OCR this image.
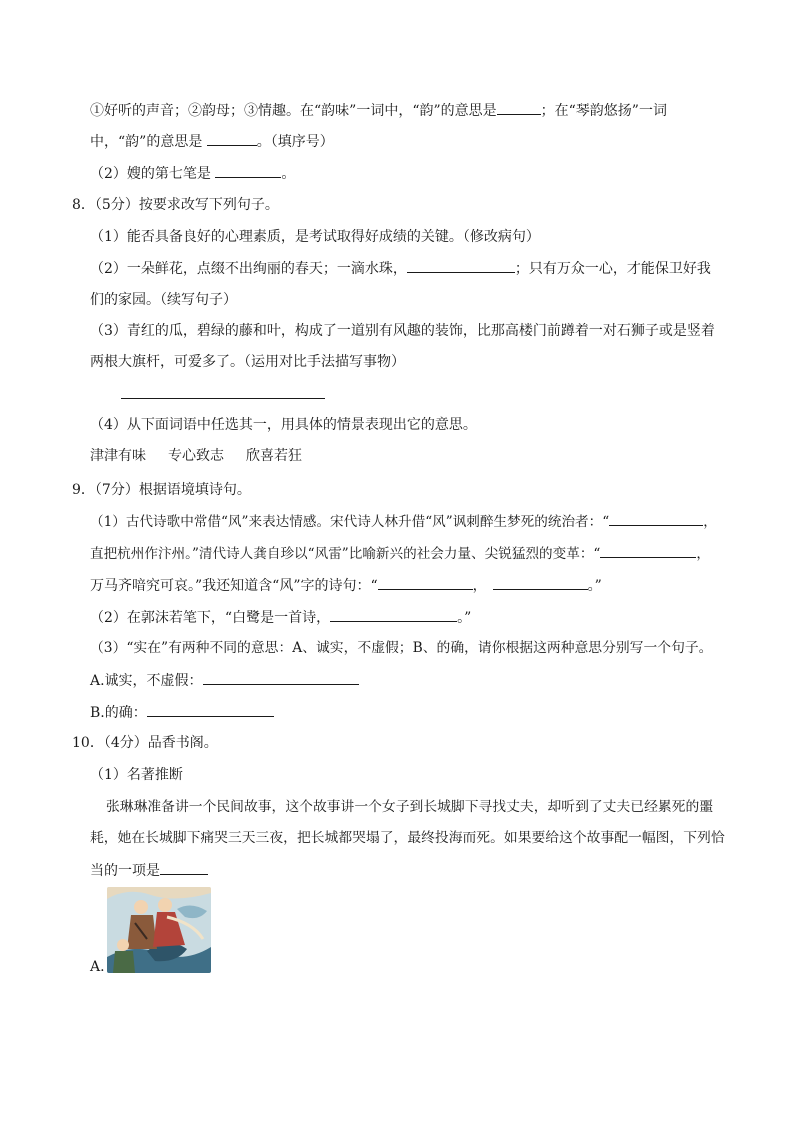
①好听的声音；②韵母；③情趣。在“韵味”一词中，“韵”的意思是	；在“琴韵悠扬”一词
中，“韵”的意思是	。（填序号）
（2）嫂的第七笔是	。
8．（5分）按要求改写下列句子。
（1）能否具备良好的心理素质，是考试取得好成绩的关键。（修改病句）
（2）一朵鲜花，点缀不出绚丽的春天；一滴水珠，	；只有万众一心，才能保卫好我
们的家园。（续写句子）
（3）青红的瓜，碧绿的藤和叶，构成了一道别有风趣的装饰，比那高楼门前蹲着一对石狮子或是竖着
两根大旗杆，可爱多了。（运用对比手法描写事物）
（4）从下面词语中任选其一，用具体的情景表现出它的意思。
津津有味 专心致志 欣喜若狂
9．（7分）根据语境填诗句。
（1）古代诗歌中常借“风”来表达情感。宋代诗人林升借“风”讽刺醉生梦死的统治者：“	，
直把杭州作汴州。”清代诗人龚自珍以“风雷”比喻新兴的社会力量、尖锐猛烈的变革：“	，
万马齐喑究可哀。”我还知道含“风”字的诗句：“	，	。”
（2）在郭沫若笔下，“白鹭是一首诗，	。”
（3）“实在”有两种不同的意思：A、诚实，不虚假；B、的确，请你根据这两种意思分别写一个句子。
A.诚实，不虚假：
B.的确：
10．（4分）品香书阁。
（1）名著推断
张琳琳准备讲一个民间故事，这个故事讲一个女子到长城脚下寻找丈夫，却听到了丈夫已经累死的噩
耗，她在长城脚下痛哭三天三夜，把长城都哭塌了，最终投海而死。如果要给这个故事配一幅图，下列恰
当的一项是
A.
